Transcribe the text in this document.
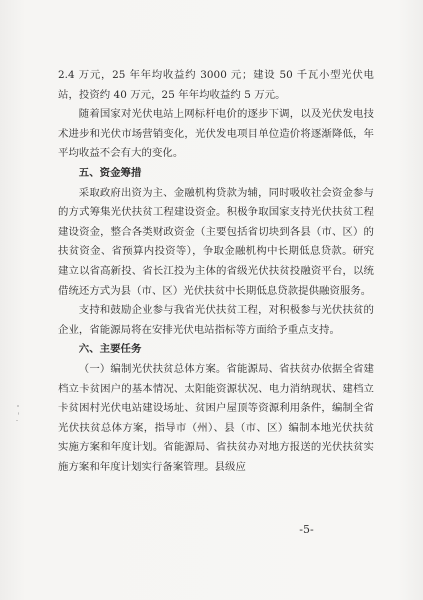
2.4 万元，25 年年均收益约 3000 元；建设 50 千瓦小型光伏电站，投资约 40 万元，25 年年均收益约 5 万元。

随着国家对光伏电站上网标杆电价的逐步下调，以及光伏发电技术进步和光伏市场营销变化，光伏发电项目单位造价将逐渐降低，年平均收益不会有大的变化。

五、资金筹措

采取政府出资为主、金融机构贷款为辅，同时吸收社会资金参与的方式筹集光伏扶贫工程建设资金。积极争取国家支持光伏扶贫工程建设资金，整合各类财政资金（主要包括省切块到各县（市、区）的扶贫资金、省预算内投资等），争取金融机构中长期低息贷款。研究建立以省高新投、省长江投为主体的省级光伏扶贫投融资平台，以统借统还方式为县（市、区）光伏扶贫中长期低息贷款提供融资服务。

支持和鼓励企业参与我省光伏扶贫工程，对积极参与光伏扶贫的企业，省能源局将在安排光伏电站指标等方面给予重点支持。

六、主要任务

（一）编制光伏扶贫总体方案。省能源局、省扶贫办依据全省建档立卡贫困户的基本情况、太阳能资源状况、电力消纳现状、建档立卡贫困村光伏电站建设场址、贫困户屋顶等资源利用条件，编制全省光伏扶贫总体方案，指导市（州）、县（市、区）编制本地光伏扶贫实施方案和年度计划。省能源局、省扶贫办对地方报送的光伏扶贫实施方案和年度计划实行备案管理。县级应

-5-
